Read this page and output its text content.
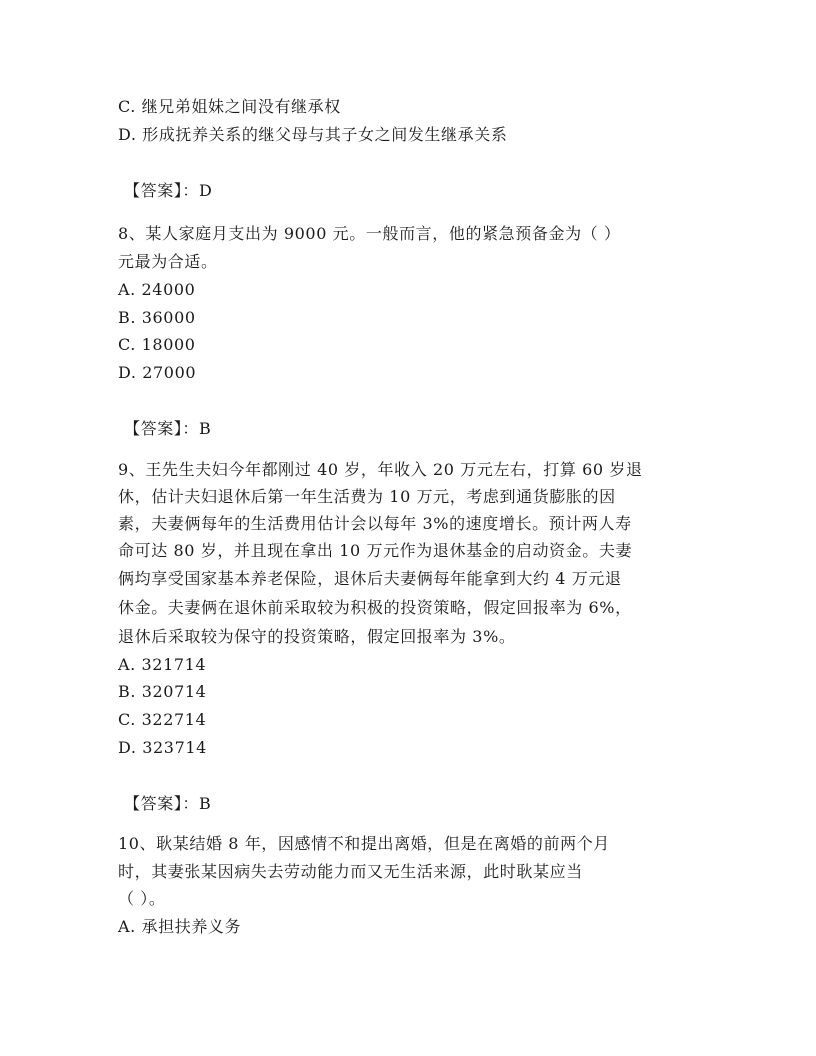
C. 继兄弟姐妹之间没有继承权
D. 形成抚养关系的继父母与其子女之间发生继承关系
【答案】：D
8、某人家庭月支出为 9000 元。一般而言，他的紧急预备金为（ ）
元最为合适。
A. 24000
B. 36000
C. 18000
D. 27000
【答案】：B
9、王先生夫妇今年都刚过 40 岁，年收入 20 万元左右，打算 60 岁退
休，估计夫妇退休后第一年生活费为 10 万元，考虑到通货膨胀的因
素，夫妻俩每年的生活费用估计会以每年 3%的速度增长。预计两人寿
命可达 80 岁，并且现在拿出 10 万元作为退休基金的启动资金。夫妻
俩均享受国家基本养老保险，退休后夫妻俩每年能拿到大约 4 万元退
休金。夫妻俩在退休前采取较为积极的投资策略，假定回报率为 6%，
退休后采取较为保守的投资策略，假定回报率为 3%。
A. 321714
B. 320714
C. 322714
D. 323714
【答案】：B
10、耿某结婚 8 年，因感情不和提出离婚，但是在离婚的前两个月
时，其妻张某因病失去劳动能力而又无生活来源，此时耿某应当
（ ）。
A. 承担扶养义务
